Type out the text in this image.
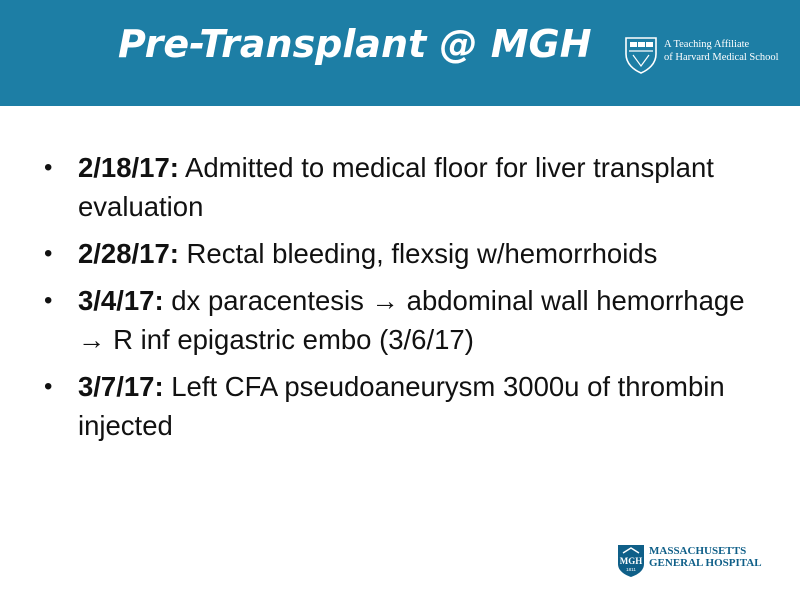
Pre-Transplant @ MGH	A Teaching Affiliate
of Harvard Medical School
• 2/18/17: Admitted to medical floor for liver transplant evaluation
• 2/28/17: Rectal bleeding, flexsig w/hemorrhoids
• 3/4/17: dx paracentesis → abdominal wall hemorrhage → R inf epigastric embo (3/6/17)
• 3/7/17: Left CFA pseudoaneurysm 3000u of thrombin injected
MGH
1811
MASSACHUSETTS
GENERAL HOSPITAL
